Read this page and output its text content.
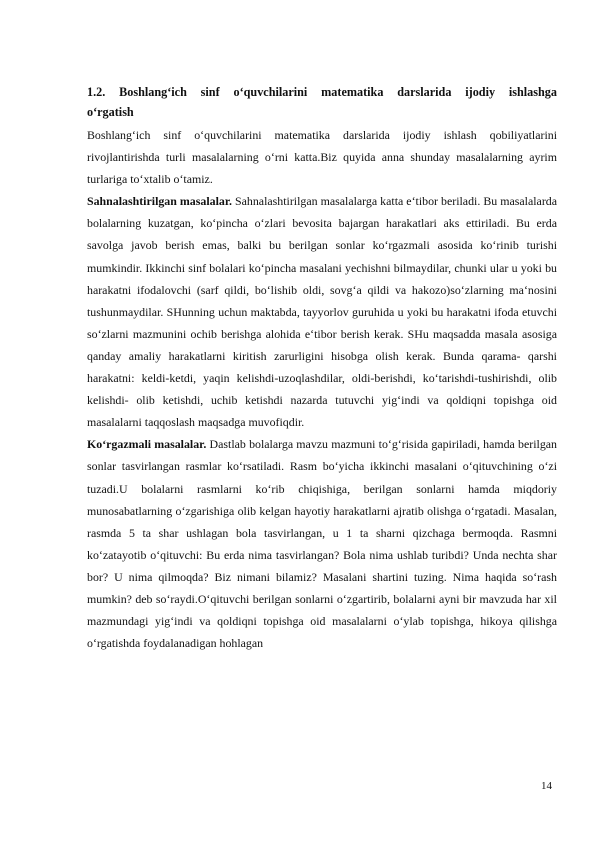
1.2. Boshlang‘ich sinf o‘quvchilarini matematika darslarida ijodiy ishlashga
o‘rgatish

Boshlang‘ich sinf o‘quvchilarini matematika darslarida ijodiy ishlash qobiliyatlarini rivojlantirishda turli masalalarning o‘rni katta.Biz quyida anna shunday masalalarning ayrim turlariga to‘xtalib o‘tamiz.

Sahnalashtirilgan masalalar. Sahnalashtirilgan masalalarga katta e‘tibor beriladi. Bu masalalarda bolalarning kuzatgan, ko‘pincha o‘zlari bevosita bajargan harakatlari aks ettiriladi. Bu erda savolga javob berish emas, balki bu berilgan sonlar ko‘rgazmali asosida ko‘rinib turishi mumkindir. Ikkinchi sinf bolalari ko‘pincha masalani yechishni bilmaydilar, chunki ular u yoki bu harakatni ifodalovchi (sarf qildi, bo‘lishib oldi, sovg‘a qildi va hakozo)so‘zlarning ma‘nosini tushunmaydilar. SHunning uchun maktabda, tayyorlov guruhida u yoki bu harakatni ifoda etuvchi so‘zlarni mazmunini ochib berishga alohida e‘tibor berish kerak. SHu maqsadda masala asosiga qanday amaliy harakatlarni kiritish zarurligini hisobga olish kerak. Bunda qarama- qarshi harakatni: keldi-ketdi, yaqin kelishdi-uzoqlashdilar, oldi-berishdi, ko‘tarishdi-tushirishdi, olib kelishdi- olib ketishdi, uchib ketishdi nazarda tutuvchi yig‘indi va qoldiqni topishga oid masalalarni taqqoslash maqsadga muvofiqdir.

Ko‘rgazmali masalalar. Dastlab bolalarga mavzu mazmuni to‘g‘risida gapiriladi, hamda berilgan sonlar tasvirlangan rasmlar ko‘rsatiladi. Rasm bo‘yicha ikkinchi masalani o‘qituvchining o‘zi tuzadi.U bolalarni rasmlarni ko‘rib chiqishiga, berilgan sonlarni hamda miqdoriy munosabatlarning o‘zgarishiga olib kelgan hayotiy harakatlarni ajratib olishga o‘rgatadi. Masalan, rasmda 5 ta shar ushlagan bola tasvirlangan, u 1 ta sharni qizchaga bermoqda. Rasmni ko‘zatayotib o‘qituvchi: Bu erda nima tasvirlangan? Bola nima ushlab turibdi? Unda nechta shar bor? U nima qilmoqda? Biz nimani bilamiz? Masalani shartini tuzing. Nima haqida so‘rash mumkin? deb so‘raydi.O‘qituvchi berilgan sonlarni o‘zgartirib, bolalarni ayni bir mavzuda har xil mazmundagi yig‘indi va qoldiqni topishga oid masalalarni o‘ylab topishga, hikoya qilishga o‘rgatishda foydalanadigan hohlagan

14
